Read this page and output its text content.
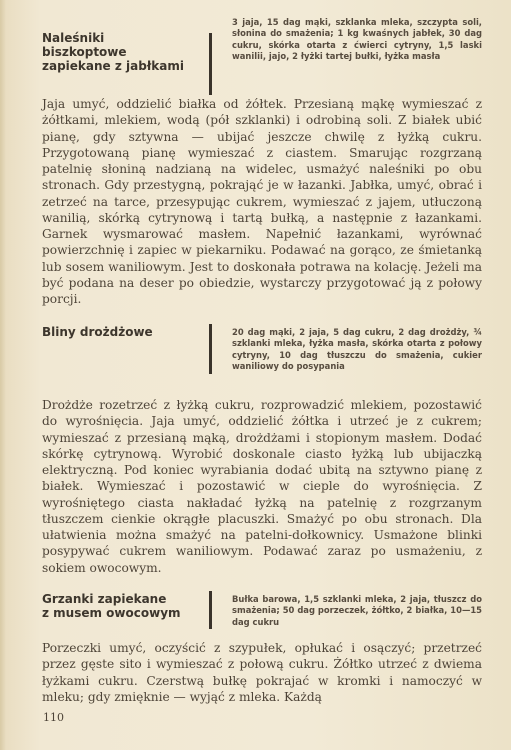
Naleśniki
biszkoptowe
zapiekane z jabłkami
3 jaja, 15 dag mąki, szklanka mleka, szczypta soli, słonina do smażenia; 1 kg kwaśnych jabłek, 30 dag cukru, skórka otarta z ćwierci cytryny, 1,5 laski wanilii, jajo, 2 łyżki tartej bułki, łyżka masła
Jaja umyć, oddzielić białka od żółtek. Przesianą mąkę wymieszać z żółtkami, mlekiem, wodą (pół szklanki) i odrobiną soli. Z białek ubić pianę, gdy sztywna — ubijać jeszcze chwilę z łyżką cukru. Przygotowaną pianę wymieszać z ciastem. Smarując rozgrzaną patelnię słoniną nadzianą na widelec, usmażyć naleśniki po obu stronach. Gdy przestygną, pokrająć je w łazanki. Jabłka, umyć, obrać i zetrzeć na tarce, przesypując cukrem, wymieszać z jajem, utłuczoną wanilią, skórką cytrynową i tartą bułką, a następnie z łazankami. Garnek wysmarować masłem. Napełnić łazankami, wyrównać powierzchnię i zapiec w piekarniku. Podawać na gorąco, ze śmietanką lub sosem waniliowym. Jest to doskonała potrawa na kolację. Jeżeli ma być podana na deser po obiedzie, wystarczy przygotować ją z połowy porcji.
Bliny drożdżowe	20 dag mąki, 2 jaja, 5 dag cukru, 2 dag drożdży, ¾ szklanki mleka, łyżka masła, skórka otarta z połowy cytryny, 10 dag tłuszczu do smażenia, cukier waniliowy do posypania
Drożdże rozetrzeć z łyżką cukru, rozprowadzić mlekiem, pozostawić do wyrośnięcia. Jaja umyć, oddzielić żółtka i utrzeć je z cukrem; wymieszać z przesianą mąką, drożdżami i stopionym masłem. Dodać skórkę cytrynową. Wyrobić doskonale ciasto łyżką lub ubijaczką elektryczną. Pod koniec wyrabiania dodać ubitą na sztywno pianę z białek. Wymieszać i pozostawić w cieple do wyrośnięcia. Z wyrośniętego ciasta nakładać łyżką na patelnię z rozgrzanym tłuszczem cienkie okrągłe placuszki. Smażyć po obu stronach. Dla ułatwienia można smażyć na patelni-dołkownicy. Usmażone blinki posypywać cukrem waniliowym. Podawać zaraz po usmażeniu, z sokiem owocowym.
Grzanki zapiekane
z musem owocowym
Bułka barowa, 1,5 szklanki mleka, 2 jaja, tłuszcz do smażenia; 50 dag porzeczek, żółtko, 2 białka, 10—15 dag cukru
Porzeczki umyć, oczyścić z szypułek, opłukać i osączyć; przetrzeć przez gęste sito i wymieszać z połową cukru. Żółtko utrzeć z dwiema łyżkami cukru. Czerstwą bułkę pokrajać w kromki i namoczyć w mleku; gdy zmięknie — wyjąć z mleka. Każdą
110
